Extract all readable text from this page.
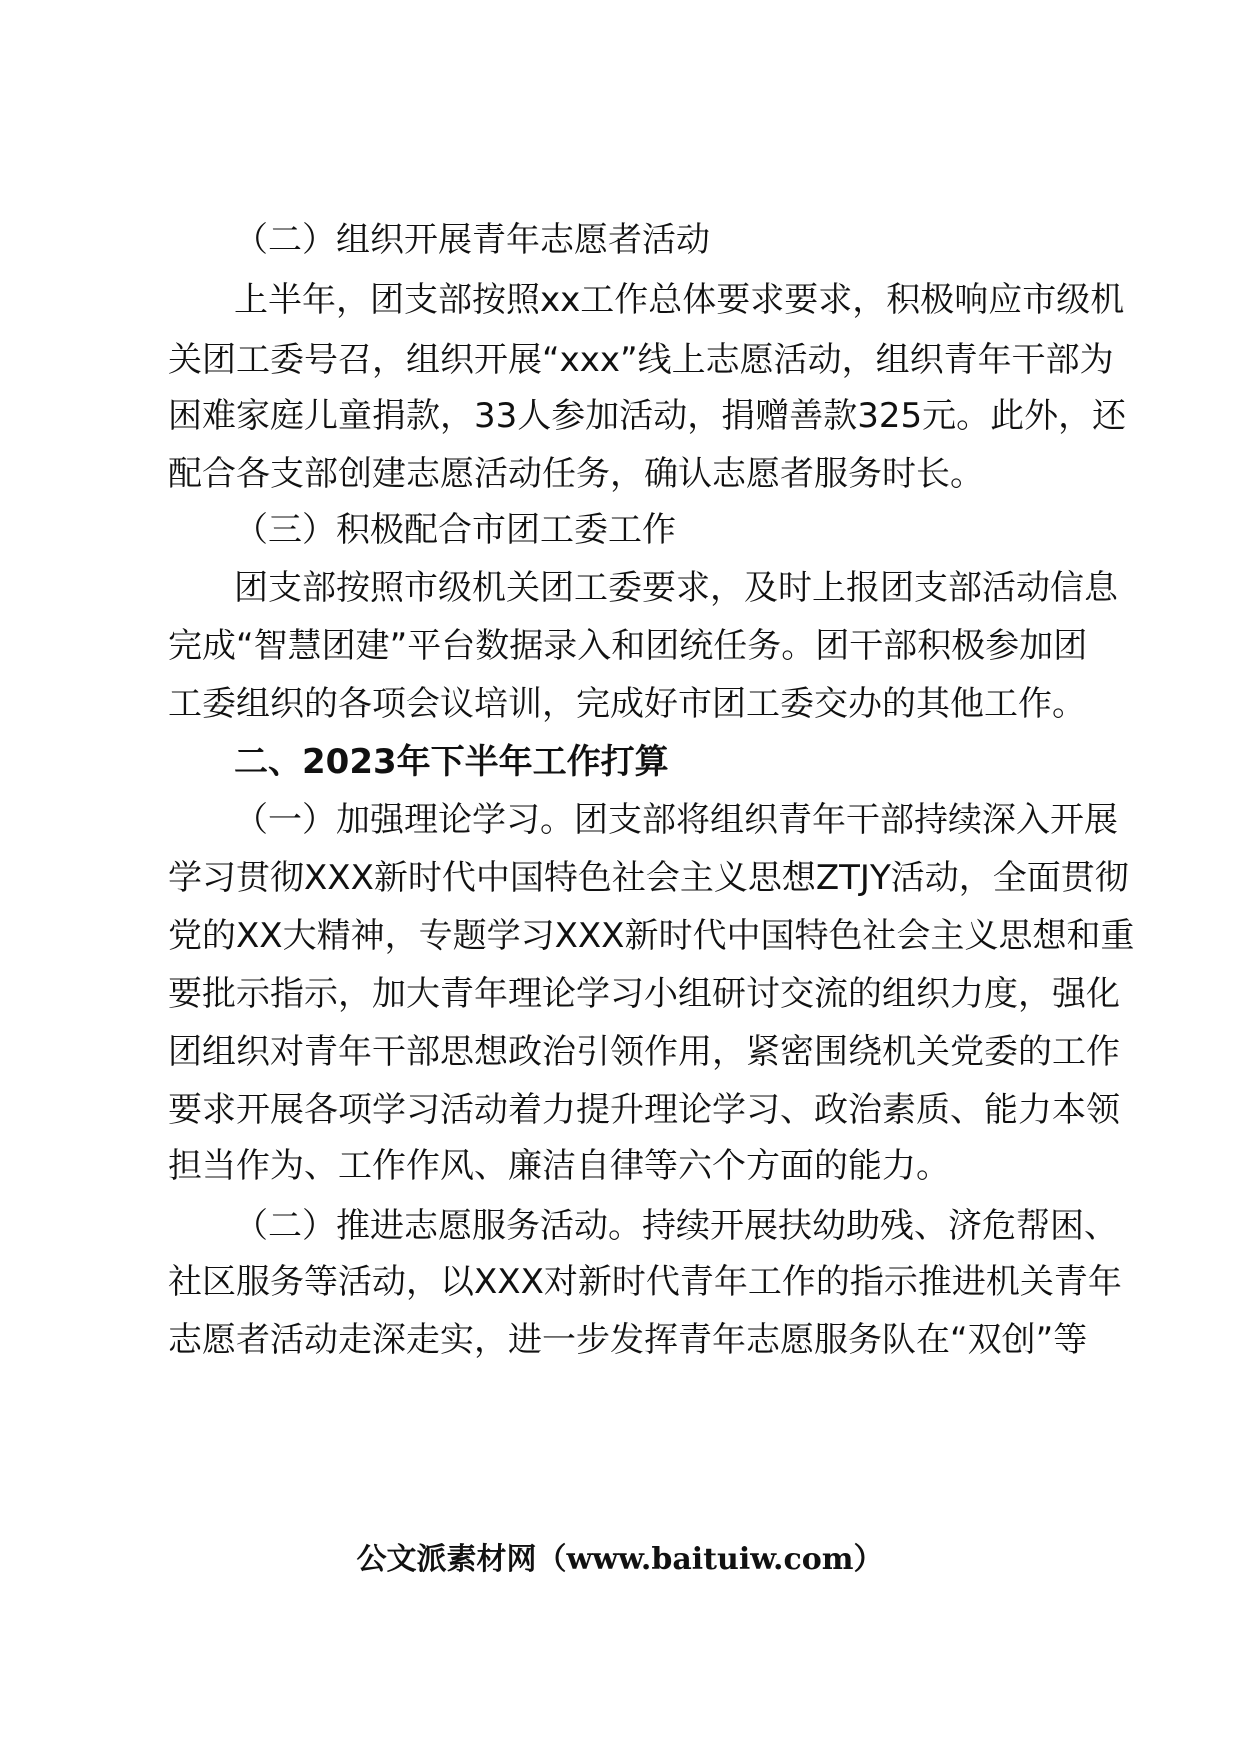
（二）组织开展青年志愿者活动
上半年，团支部按照xx工作总体要求要求，积极响应市级机
关团工委号召，组织开展“xxx”线上志愿活动，组织青年干部为
困难家庭儿童捐款，33人参加活动，捐赠善款325元。此外，还
配合各支部创建志愿活动任务，确认志愿者服务时长。
（三）积极配合市团工委工作
团支部按照市级机关团工委要求，及时上报团支部活动信息
完成“智慧团建”平台数据录入和团统任务。团干部积极参加团
工委组织的各项会议培训，完成好市团工委交办的其他工作。
二、2023年下半年工作打算
（一）加强理论学习。团支部将组织青年干部持续深入开展
学习贯彻XXX新时代中国特色社会主义思想ZTJY活动，全面贯彻
党的XX大精神，专题学习XXX新时代中国特色社会主义思想和重
要批示指示，加大青年理论学习小组研讨交流的组织力度，强化
团组织对青年干部思想政治引领作用，紧密围绕机关党委的工作
要求开展各项学习活动着力提升理论学习、政治素质、能力本领
担当作为、工作作风、廉洁自律等六个方面的能力。
（二）推进志愿服务活动。持续开展扶幼助残、济危帮困、
社区服务等活动，以XXX对新时代青年工作的指示推进机关青年
志愿者活动走深走实，进一步发挥青年志愿服务队在“双创”等
公文派素材网（www.baituiw.com）
